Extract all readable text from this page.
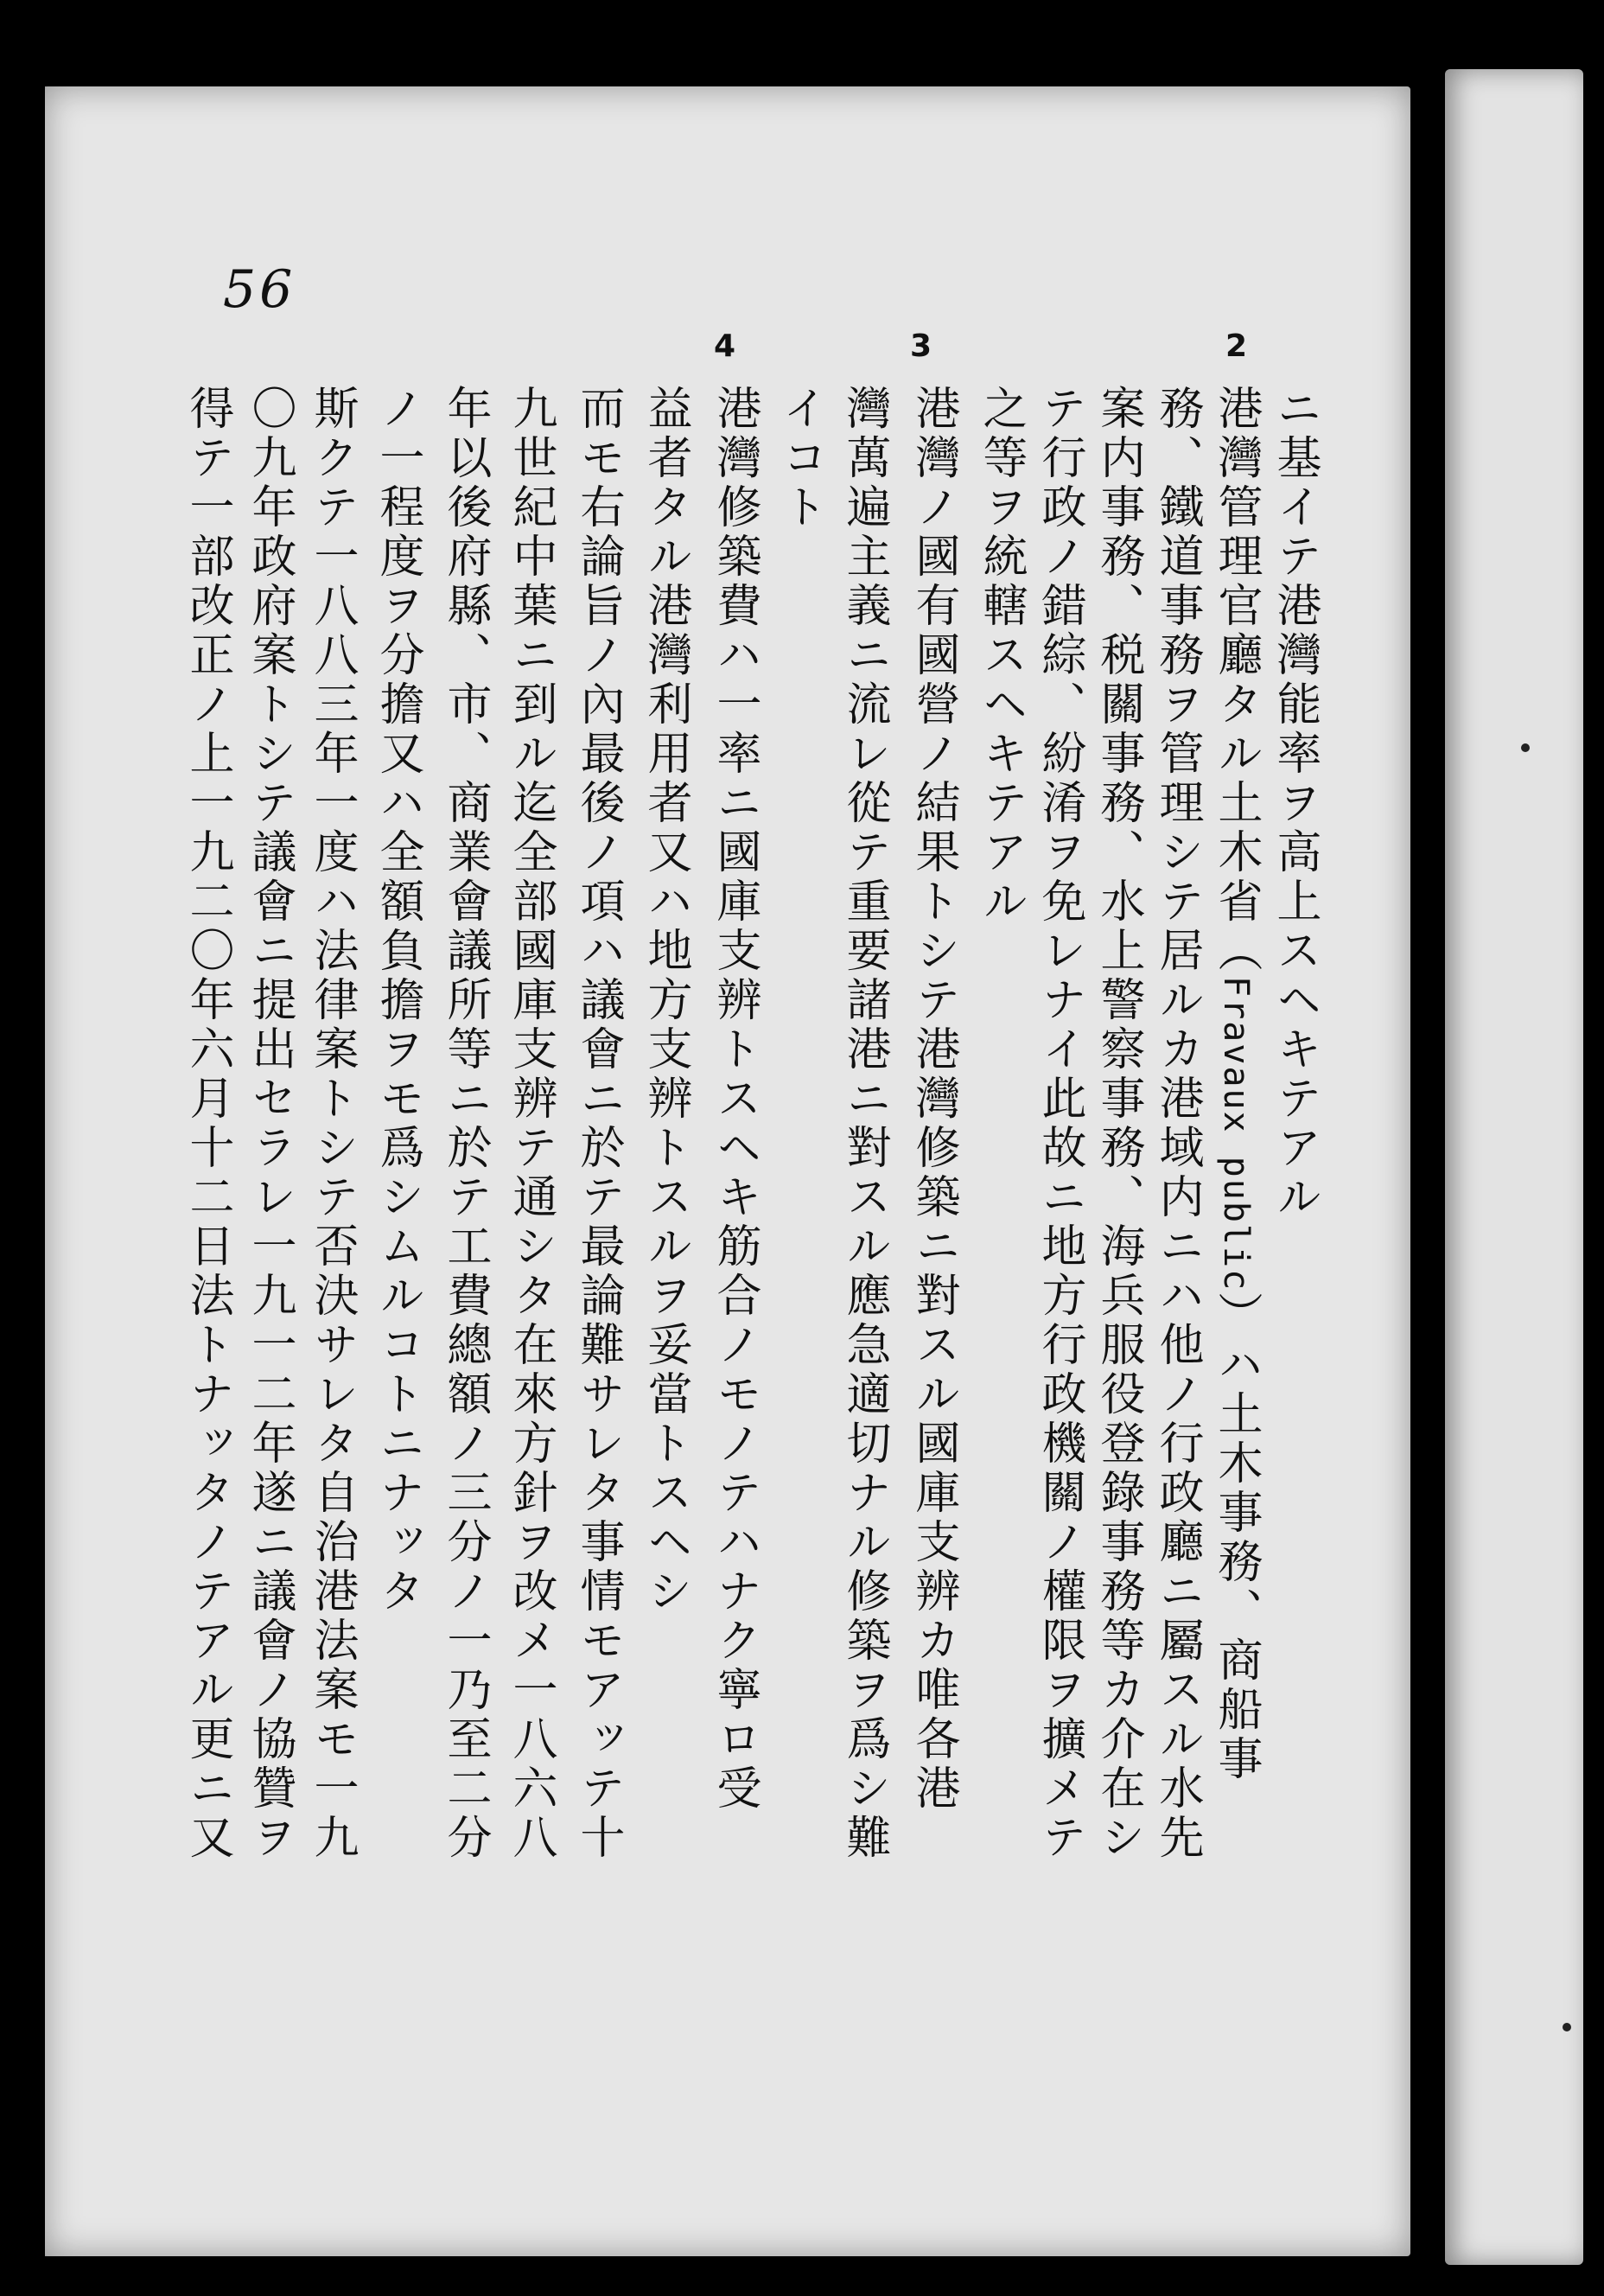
56
2
3
4
ニ基イテ港灣能率ヲ高上スヘキテアル
港灣管理官廳タル土木省（Fravaux public）ハ土木事務、商船事
務、鐵道事務ヲ管理シテ居ルカ港域内ニハ他ノ行政廳ニ屬スル水先
案内事務、税關事務、水上警察事務、海兵服役登錄事務等カ介在シ
テ行政ノ錯綜、紛淆ヲ免レナイ此故ニ地方行政機關ノ權限ヲ擴メテ
之等ヲ統轄スヘキテアル
港灣ノ國有國營ノ結果トシテ港灣修築ニ對スル國庫支辨カ唯各港
灣萬遍主義ニ流レ從テ重要諸港ニ對スル應急適切ナル修築ヲ爲シ難
イコト
港灣修築費ハ一率ニ國庫支辨トスヘキ筋合ノモノテハナク寧ロ受
益者タル港灣利用者又ハ地方支辨トスルヲ妥當トスヘシ
而モ右論旨ノ內最後ノ項ハ議會ニ於テ最論難サレタ事情モアッテ十
九世紀中葉ニ到ル迄全部國庫支辨テ通シタ在來方針ヲ改メ一八六八
年以後府縣、市、商業會議所等ニ於テ工費總額ノ三分ノ一乃至二分
ノ一程度ヲ分擔又ハ全額負擔ヲモ爲シムルコトニナッタ
斯クテ一八八三年一度ハ法律案トシテ否決サレタ自治港法案モ一九
〇九年政府案トシテ議會ニ提出セラレ一九一二年遂ニ議會ノ協贊ヲ
得テ一部改正ノ上一九二〇年六月十二日法トナッタノテアル更ニ又
